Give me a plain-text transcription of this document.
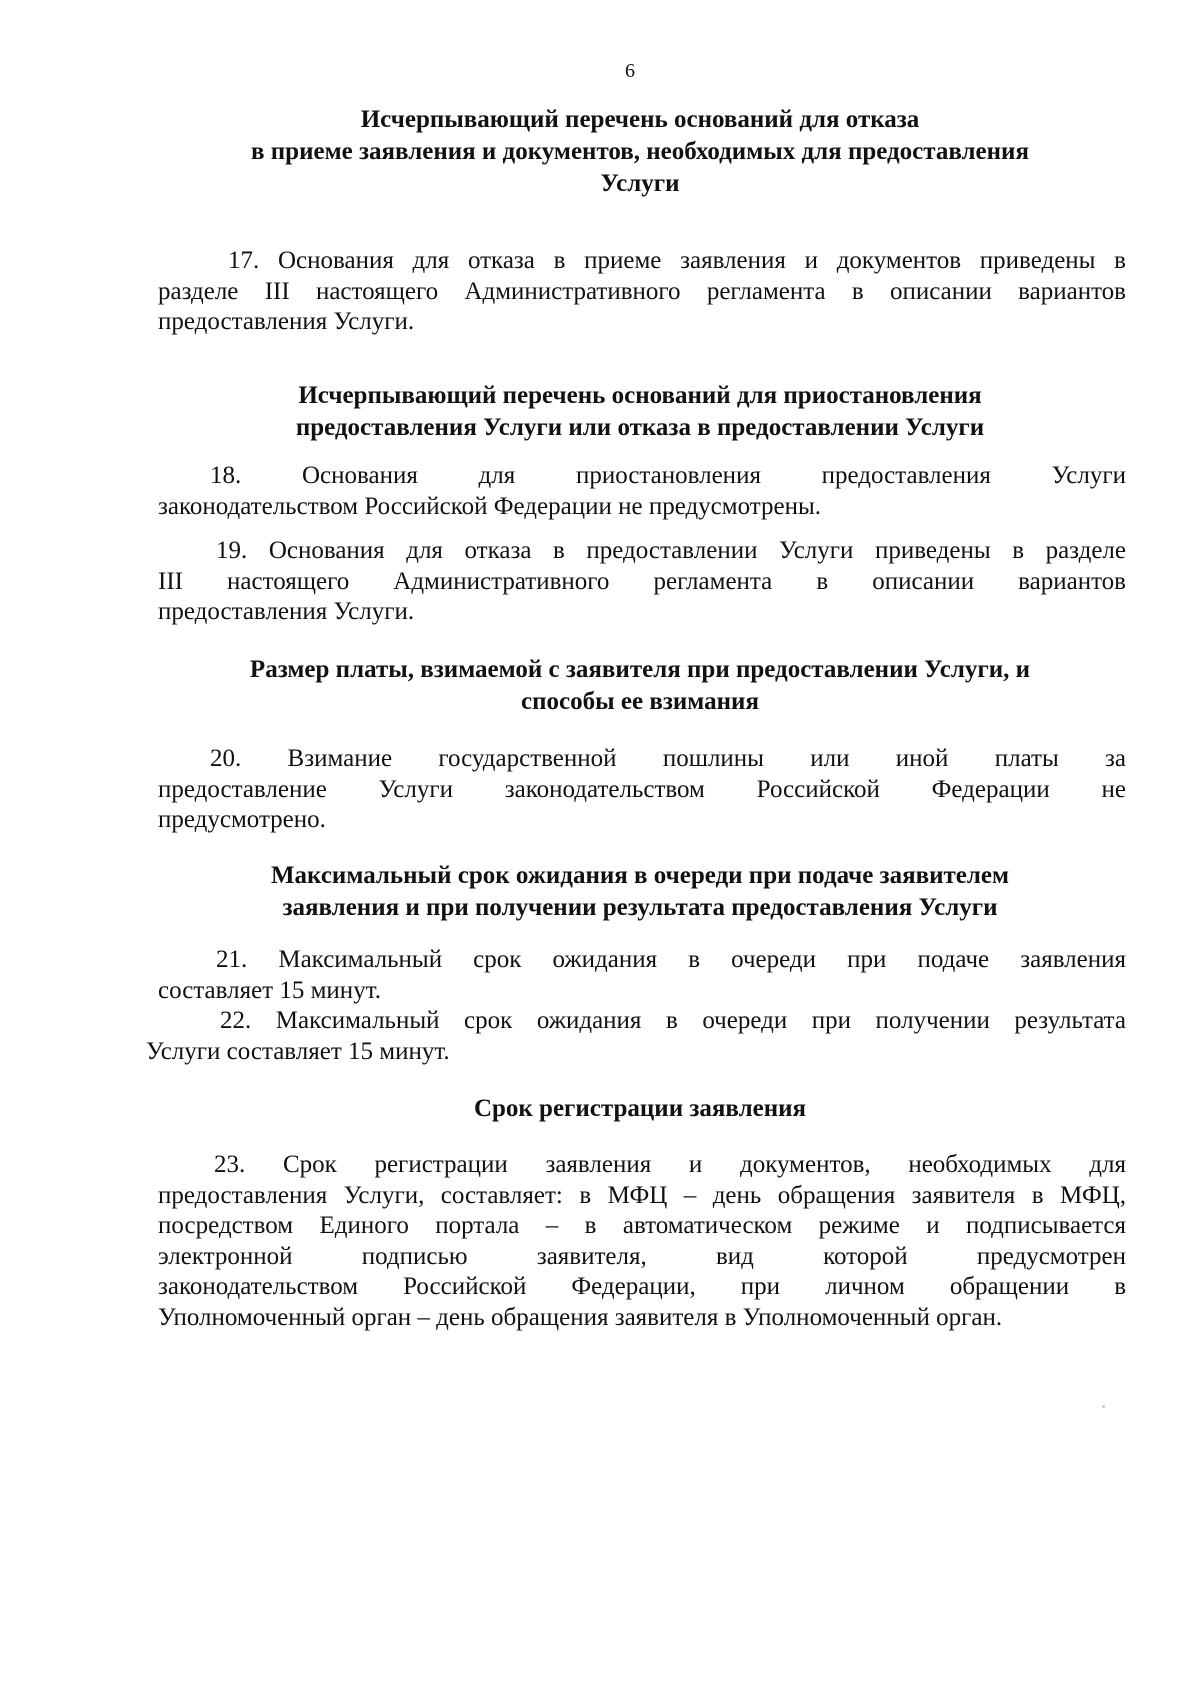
6
Исчерпывающий перечень оснований для отказа
в приеме заявления и документов, необходимых для предоставления
Услуги
17. Основания для отказа в приеме заявления и документов приведены в
разделе III настоящего Административного регламента в описании вариантов
предоставления Услуги.
Исчерпывающий перечень оснований для приостановления
предоставления Услуги или отказа в предоставлении Услуги
18. Основания для приостановления предоставления Услуги
законодательством Российской Федерации не предусмотрены.
19. Основания для отказа в предоставлении Услуги приведены в разделе
III настоящего Административного регламента в описании вариантов
предоставления Услуги.
Размер платы, взимаемой с заявителя при предоставлении Услуги, и
способы ее взимания
20. Взимание государственной пошлины или иной платы за
предоставление Услуги законодательством Российской Федерации не
предусмотрено.
Максимальный срок ожидания в очереди при подаче заявителем
заявления и при получении результата предоставления Услуги
21. Максимальный срок ожидания в очереди при подаче заявления
составляет 15 минут.
22. Максимальный срок ожидания в очереди при получении результата
Услуги составляет 15 минут.
Срок регистрации заявления
23. Срок регистрации заявления и документов, необходимых для
предоставления Услуги, составляет: в МФЦ – день обращения заявителя в МФЦ,
посредством Единого портала – в автоматическом режиме и подписывается
электронной подписью заявителя, вид которой предусмотрен
законодательством Российской Федерации, при личном обращении в
Уполномоченный орган – день обращения заявителя в Уполномоченный орган.
